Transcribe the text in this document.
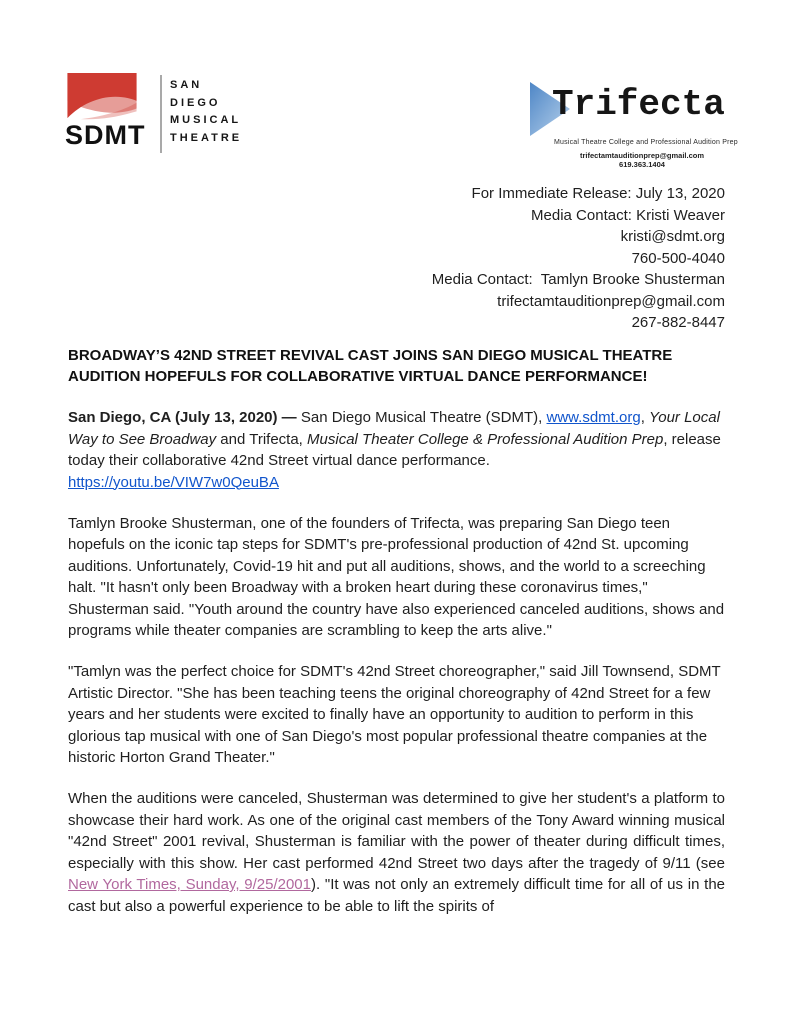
SDMT
SAN
DIEGO
MUSICAL
THEATRE
Trifecta
Musical Theatre College and Professional Audition Prep
trifectamtauditionprep@gmail.com
619.363.1404
For Immediate Release: July 13, 2020
Media Contact: Kristi Weaver
kristi@sdmt.org
760-500-4040
Media Contact:  Tamlyn Brooke Shusterman
trifectamtauditionprep@gmail.com
267-882-8447
BROADWAY’S 42ND STREET REVIVAL CAST JOINS SAN DIEGO MUSICAL THEATRE AUDITION HOPEFULS FOR COLLABORATIVE VIRTUAL DANCE PERFORMANCE!

San Diego, CA (July 13, 2020) — San Diego Musical Theatre (SDMT), www.sdmt.org, Your Local Way to See Broadway and Trifecta, Musical Theater College & Professional Audition Prep, release today their collaborative 42nd Street virtual dance performance.
https://youtu.be/VIW7w0QeuBA

Tamlyn Brooke Shusterman, one of the founders of Trifecta, was preparing San Diego teen hopefuls on the iconic tap steps for SDMT's pre-professional production of 42nd St. upcoming auditions. Unfortunately, Covid-19 hit and put all auditions, shows, and the world to a screeching halt. "It hasn't only been Broadway with a broken heart during these coronavirus times," Shusterman said. "Youth around the country have also experienced canceled auditions, shows and programs while theater companies are scrambling to keep the arts alive."

"Tamlyn was the perfect choice for SDMT's 42nd Street choreographer," said Jill Townsend, SDMT Artistic Director. "She has been teaching teens the original choreography of 42nd Street for a few years and her students were excited to finally have an opportunity to audition to perform in this glorious tap musical with one of San Diego's most popular professional theatre companies at the historic Horton Grand Theater."

When the auditions were canceled, Shusterman was determined to give her student's a platform to showcase their hard work. As one of the original cast members of the Tony Award winning musical "42nd Street" 2001 revival, Shusterman is familiar with the power of theater during difficult times, especially with this show. Her cast performed 42nd Street two days after the tragedy of 9/11 (see New York Times, Sunday, 9/25/2001). "It was not only an extremely difficult time for all of us in the cast but also a powerful experience to be able to lift the spirits of
